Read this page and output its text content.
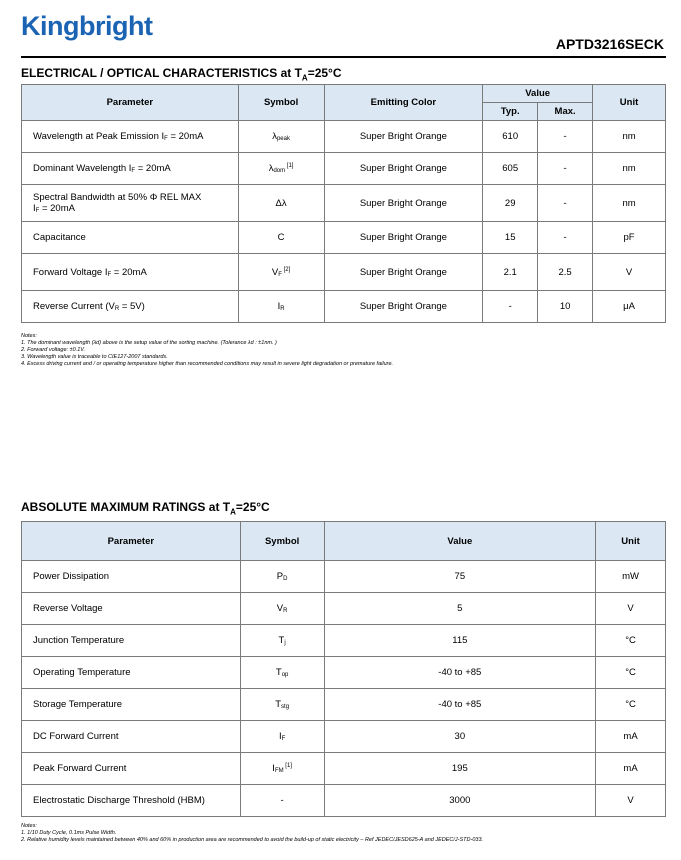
Kingbright
APTD3216SECK
ELECTRICAL / OPTICAL CHARACTERISTICS at $T_A=25^\circ C$
Parameter	Symbol	Emitting Color	Value		Unit
			Typ.	Max.	
Wavelength at Peak Emission IF = 20mA	λpeak	Super Bright Orange	610	-	nm
Dominant Wavelength IF = 20mA	λdom [1]	Super Bright Orange	605	-	nm
Spectral Bandwidth at 50% Φ REL MAX
IF = 20mA	Δλ	Super Bright Orange	29	-	nm
Capacitance	C	Super Bright Orange	15	-	pF
Forward Voltage IF = 20mA	VF [2]	Super Bright Orange	2.1	2.5	V
Reverse Current (VR = 5V)	IR	Super Bright Orange	-	10	μA
Notes:
1. The dominant wavelength (λd) above is the setup value of the sorting machine. (Tolerance λd : ±1nm. )
2. Forward voltage: ±0.1V.
3. Wavelength value is traceable to CIE127-2007 standards.
4. Excess driving current and / or operating temperature higher than recommended conditions may result in severe light degradation or premature failure.
ABSOLUTE MAXIMUM RATINGS at $T_A=25^\circ C$
Parameter	Symbol	Value	Unit
Power Dissipation	PD	75	mW
Reverse Voltage	VR	5	V
Junction Temperature	Tj	115	°C
Operating Temperature	Top	-40 to +85	°C
Storage Temperature	Tstg	-40 to +85	°C
DC Forward Current	IF	30	mA
Peak Forward Current	IFM [1]	195	mA
Electrostatic Discharge Threshold (HBM)	-	3000	V
Notes:
1. 1/10 Duty Cycle, 0.1ms Pulse Width.
2. Relative humidity levels maintained between 40% and 60% in production area are recommended to avoid the build-up of static electricity – Ref JEDEC/JESD625-A and JEDEC/J-STD-033.
